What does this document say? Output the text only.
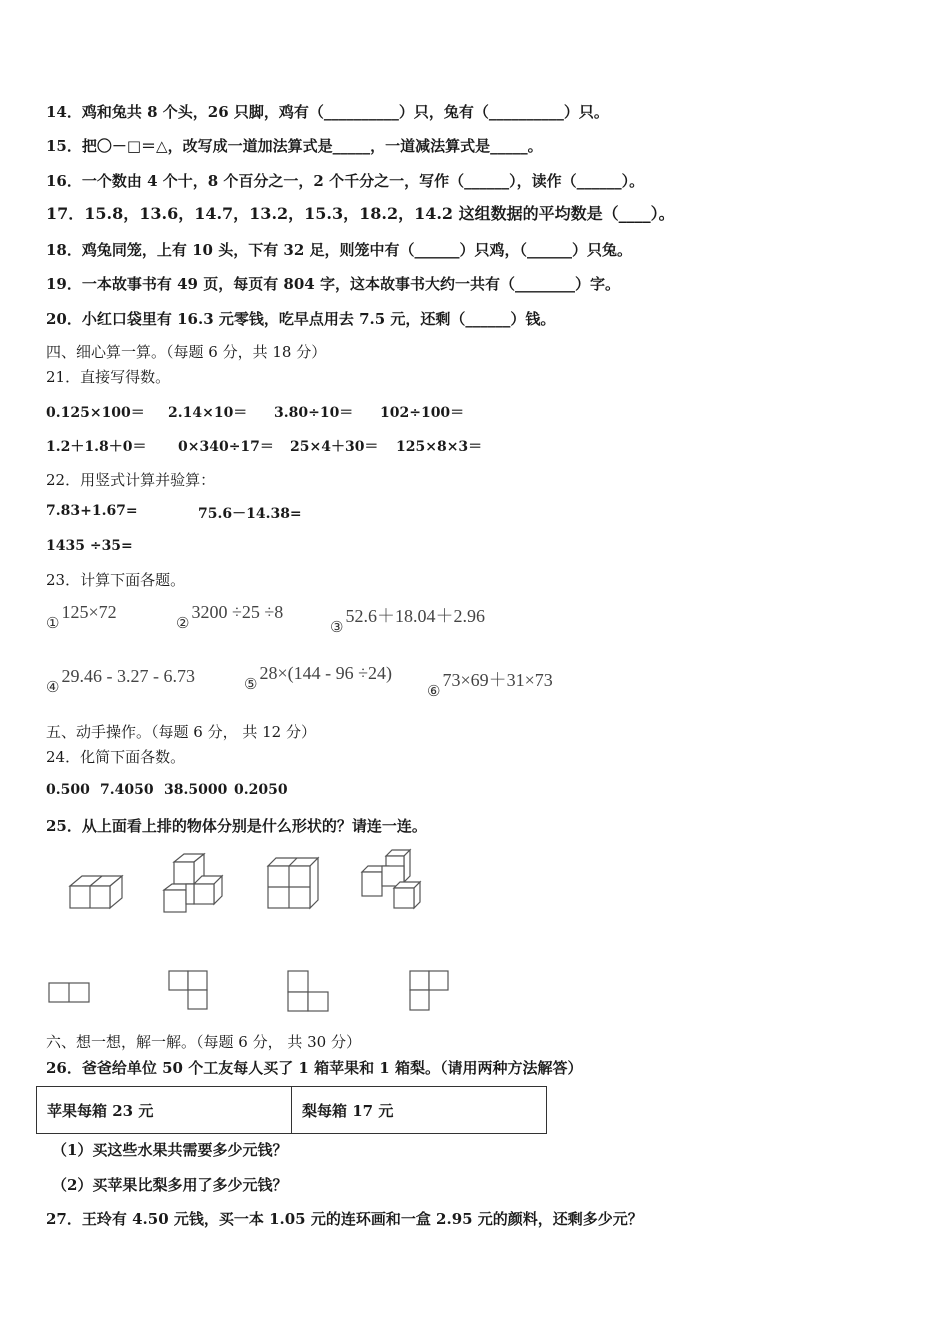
14．鸡和兔共 8 个头，26 只脚，鸡有（__________）只，兔有（__________）只。
15．把〇－□＝△，改写成一道加法算式是_____，一道减法算式是_____。
16．一个数由 4 个十，8 个百分之一，2 个千分之一，写作（______），读作（______）。
17．15.8，13.6，14.7，13.2，15.3，18.2，14.2 这组数据的平均数是（____）。
18．鸡兔同笼，上有 10 头，下有 32 足，则笼中有（______）只鸡，（______）只兔。
19．一本故事书有 49 页，每页有 804 字，这本故事书大约一共有（________）字。
20．小红口袋里有 16.3 元零钱，吃早点用去 7.5 元，还剩（______）钱。
四、细心算一算。（每题 6 分，共 18 分）
21．直接写得数。
0.125×100＝ 2.14×10＝ 3.80÷10＝ 102÷100＝
1.2＋1.8＋0＝ 0×340÷17＝ 25×4＋30＝ 125×8×3＝
22．用竖式计算并验算：
7.83+1.67=	75.6－14.38=
1435 ÷35=
23．计算下面各题。
①125×72
②3200 ÷25 ÷8
③52.6＋18.04＋2.96
④29.46 - 3.27 - 6.73	⑤28×(144 - 96 ÷24)
⑥73×69＋31×73
五、动手操作。（每题 6 分， 共 12 分）
24．化简下面各数。
0.500 7.4050 38.5000 0.2050
25．从上面看上排的物体分别是什么形状的？请连一连。
六、想一想，解一解。（每题 6 分， 共 30 分）
26．爸爸给单位 50 个工友每人买了 1 箱苹果和 1 箱梨。（请用两种方法解答）
苹果每箱 23 元	梨每箱 17 元
（1）买这些水果共需要多少元钱？
（2）买苹果比梨多用了多少元钱？
27．王玲有 4.50 元钱，买一本 1.05 元的连环画和一盒 2.95 元的颜料，还剩多少元？
